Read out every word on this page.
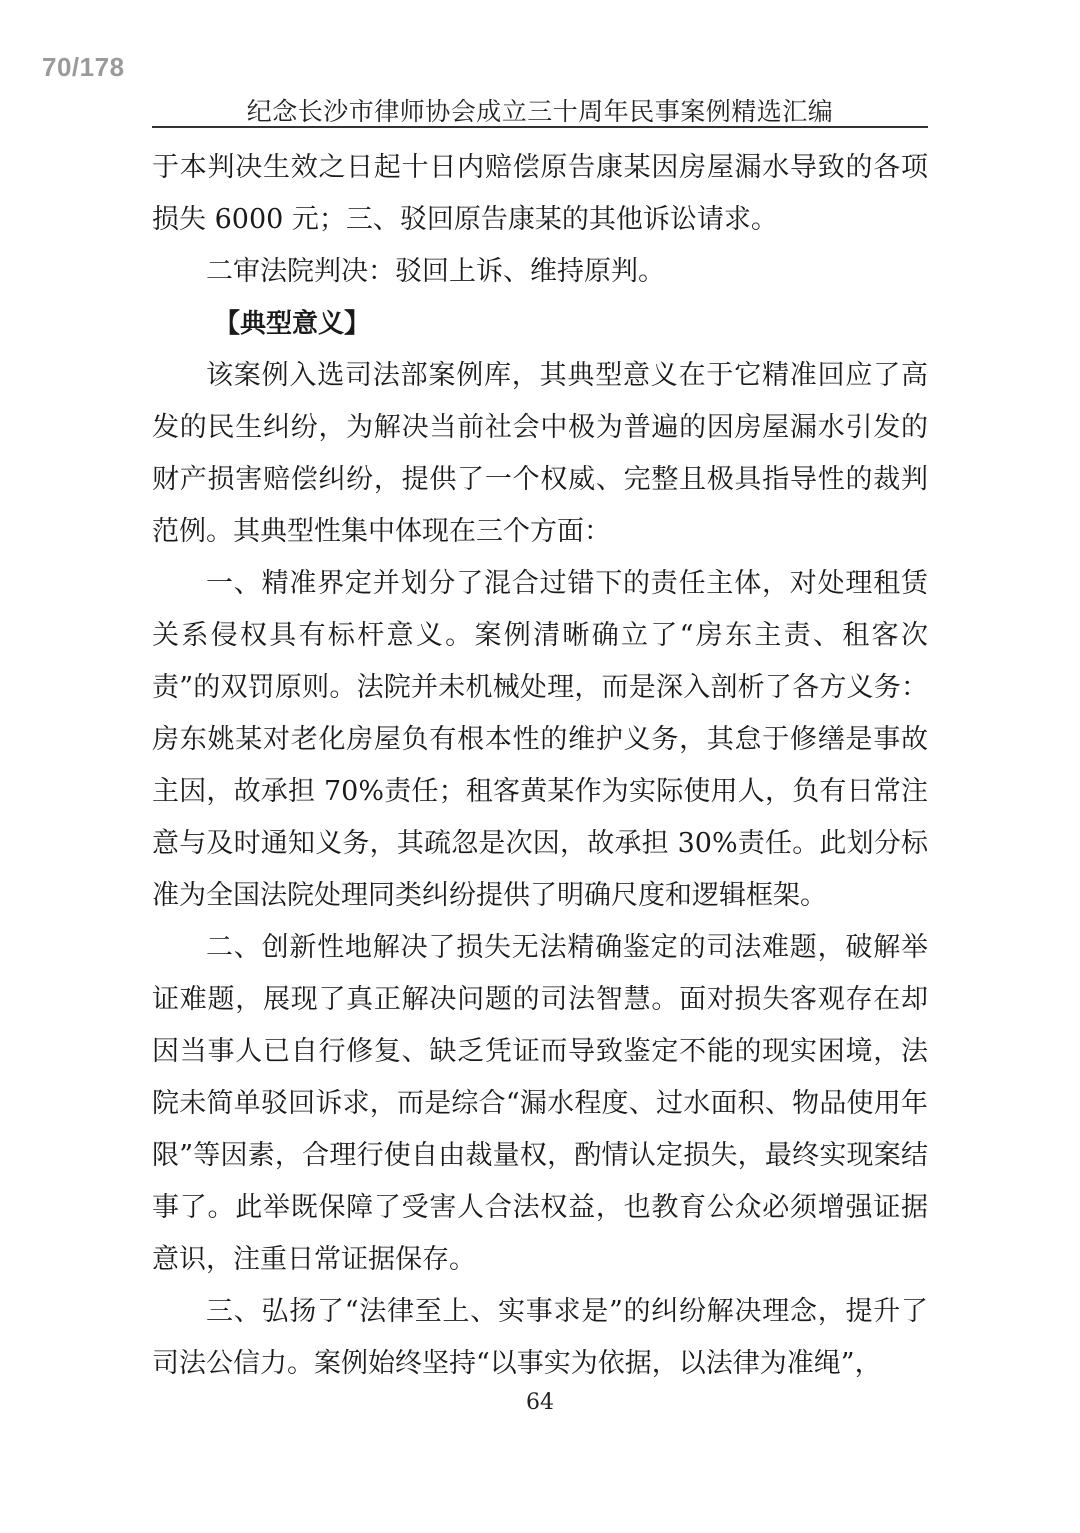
70/178
纪念长沙市律师协会成立三十周年民事案例精选汇编

于本判决生效之日起十日内赔偿原告康某因房屋漏水导致的各项损失 6000 元；三、驳回原告康某的其他诉讼请求。

二审法院判决：驳回上诉、维持原判。

【典型意义】

该案例入选司法部案例库，其典型意义在于它精准回应了高发的民生纠纷，为解决当前社会中极为普遍的因房屋漏水引发的财产损害赔偿纠纷，提供了一个权威、完整且极具指导性的裁判范例。其典型性集中体现在三个方面：

一、精准界定并划分了混合过错下的责任主体，对处理租赁关系侵权具有标杆意义。案例清晰确立了“房东主责、租客次责”的双罚原则。法院并未机械处理，而是深入剖析了各方义务：房东姚某对老化房屋负有根本性的维护义务，其怠于修缮是事故主因，故承担 70%责任；租客黄某作为实际使用人，负有日常注意与及时通知义务，其疏忽是次因，故承担 30%责任。此划分标准为全国法院处理同类纠纷提供了明确尺度和逻辑框架。

二、创新性地解决了损失无法精确鉴定的司法难题，破解举证难题，展现了真正解决问题的司法智慧。面对损失客观存在却因当事人已自行修复、缺乏凭证而导致鉴定不能的现实困境，法院未简单驳回诉求，而是综合“漏水程度、过水面积、物品使用年限”等因素，合理行使自由裁量权，酌情认定损失，最终实现案结事了。此举既保障了受害人合法权益，也教育公众必须增强证据意识，注重日常证据保存。

三、弘扬了“法律至上、实事求是”的纠纷解决理念，提升了司法公信力。案例始终坚持“以事实为依据，以法律为准绳”，

64
